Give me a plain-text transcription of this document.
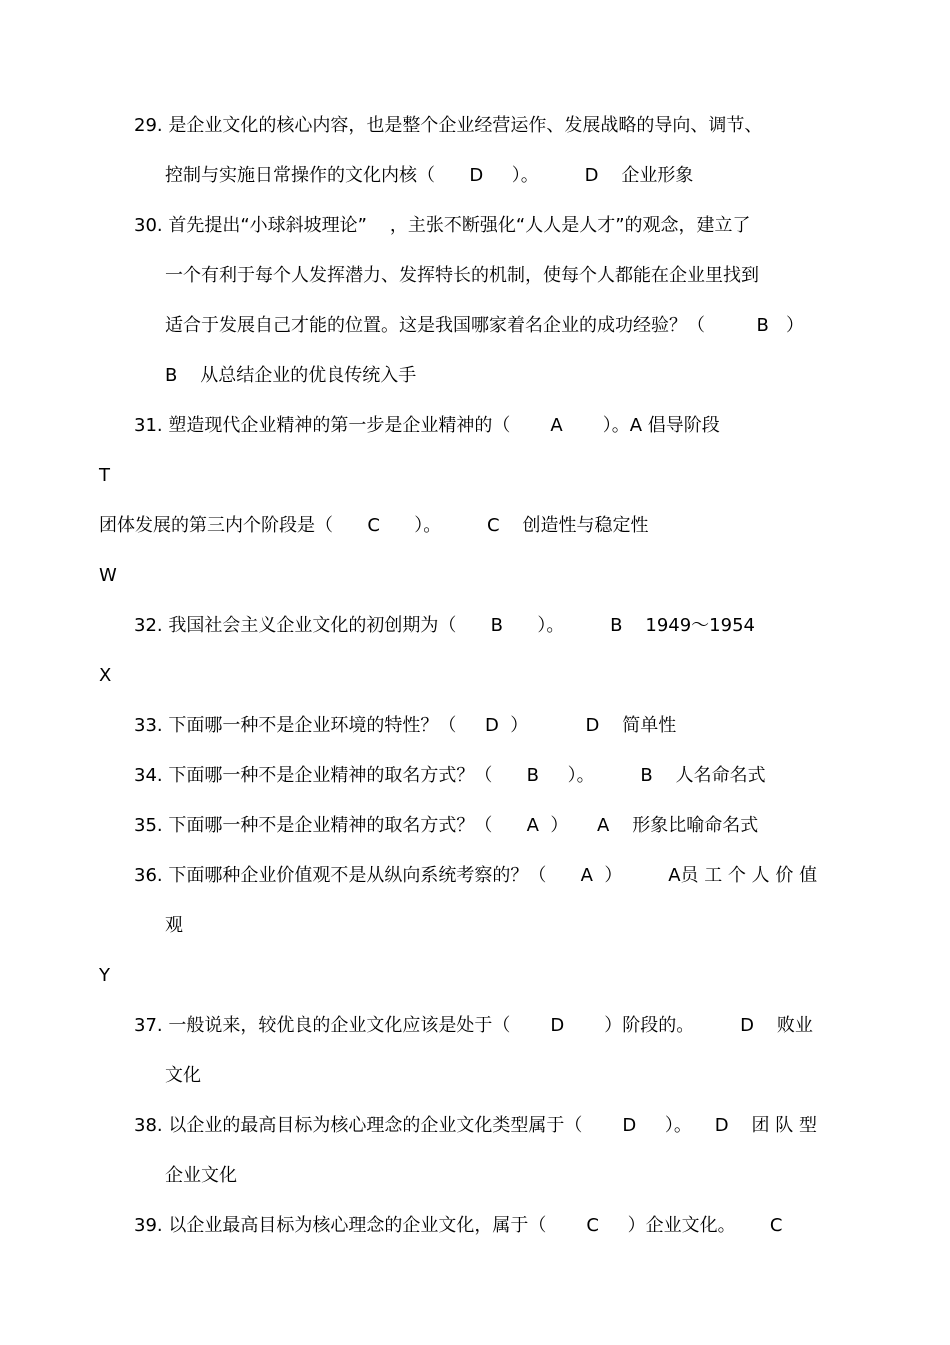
29. 是企业文化的核心内容，也是整个企业经营运作、发展战略的导向、调节、
控制与实施日常操作的文化内核（      D     ）。        D    企业形象
30. 首先提出“小球斜坡理论”    ，主张不断强化“人人是人才”的观念，建立了
一个有利于每个人发挥潜力、发挥特长的机制，使每个人都能在企业里找到
适合于发展自己才能的位置。这是我国哪家着名企业的成功经验？（         B   ）
B    从总结企业的优良传统入手
31. 塑造现代企业精神的第一步是企业精神的（       A       ）。A 倡导阶段
T
团体发展的第三内个阶段是（      C      ）。        C    创造性与稳定性
W
32. 我国社会主义企业文化的初创期为（      B      ）。        B    1949～1954
X
33. 下面哪一种不是企业环境的特性？（     D  ）          D    简单性
34. 下面哪一种不是企业精神的取名方式？（      B     ）。        B    人名命名式
35. 下面哪一种不是企业精神的取名方式？（      A  ）     A    形象比喻命名式
36. 下面哪种企业价值观不是从纵向系统考察的？（      A  ）        A员 工 个 人 价 值
观
Y
37. 一般说来，较优良的企业文化应该是处于（       D       ）阶段的。        D    败业
文化
38. 以企业的最高目标为核心理念的企业文化类型属于（       D     ）。    D    团 队 型
企业文化
39. 以企业最高目标为核心理念的企业文化，属于（       C     ）企业文化。      C
